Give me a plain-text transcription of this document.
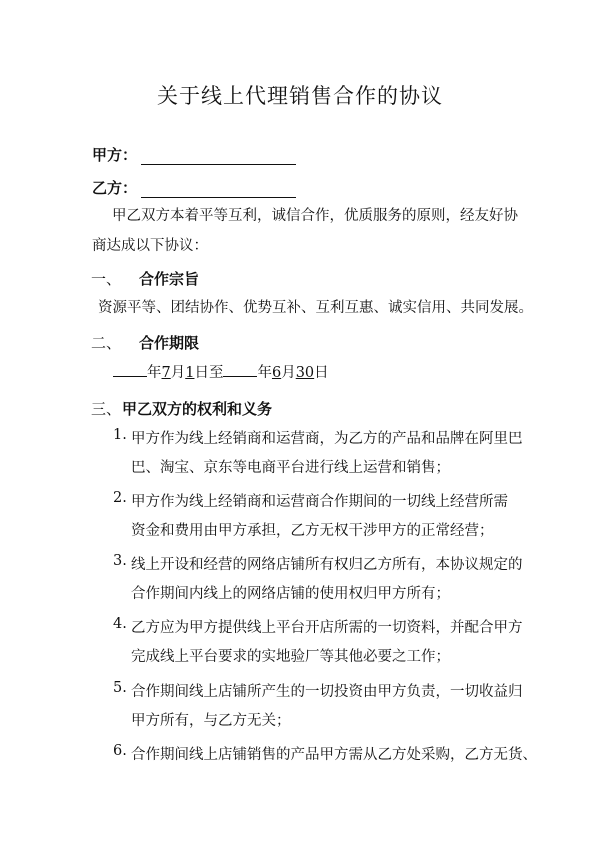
关于线上代理销售合作的协议
甲方：
乙方：
甲乙双方本着平等互利，诚信合作，优质服务的原则，经友好协
商达成以下协议：
一、 合作宗旨
资源平等、团结协作、优势互补、互利互惠、诚实信用、共同发展。
二、 合作期限
年7月1日至 年6月30日
三、 甲乙双方的权利和义务
1. 甲方作为线上经销商和运营商，为乙方的产品和品牌在阿里巴
巴、淘宝、京东等电商平台进行线上运营和销售；
2. 甲方作为线上经销商和运营商合作期间的一切线上经营所需
资金和费用由甲方承担，乙方无权干涉甲方的正常经营；
3. 线上开设和经营的网络店铺所有权归乙方所有，本协议规定的
合作期间内线上的网络店铺的使用权归甲方所有；
4. 乙方应为甲方提供线上平台开店所需的一切资料，并配合甲方
完成线上平台要求的实地验厂等其他必要之工作；
5. 合作期间线上店铺所产生的一切投资由甲方负责，一切收益归
甲方所有，与乙方无关；
6. 合作期间线上店铺销售的产品甲方需从乙方处采购，乙方无货、
